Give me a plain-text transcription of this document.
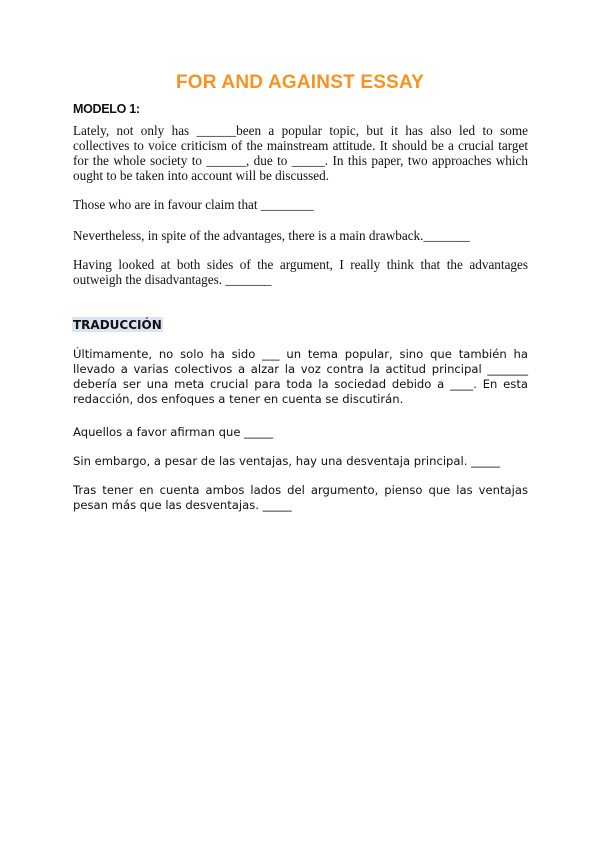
FOR AND AGAINST ESSAY
MODELO 1:

Lately, not only has ______been a popular topic, but it has also led to some collectives to voice criticism of the mainstream attitude. It should be a crucial target for the whole society to ______, due to _____. In this paper, two approaches which ought to be taken into account will be discussed.

Those who are in favour claim that ________

Nevertheless, in spite of the advantages, there is a main drawback._______

Having looked at both sides of the argument, I really think that the advantages outweigh the disadvantages. _______

TRADUCCIÓN

Últimamente, no solo ha sido ___ un tema popular, sino que también ha llevado a varias colectivos a alzar la voz contra la actitud principal _______ debería ser una meta crucial para toda la sociedad debido a ____. En esta redacción, dos enfoques a tener en cuenta se discutirán.

Aquellos a favor afirman que _____

Sin embargo, a pesar de las ventajas, hay una desventaja principal. _____

Tras tener en cuenta ambos lados del argumento, pienso que las ventajas pesan más que las desventajas. _____
